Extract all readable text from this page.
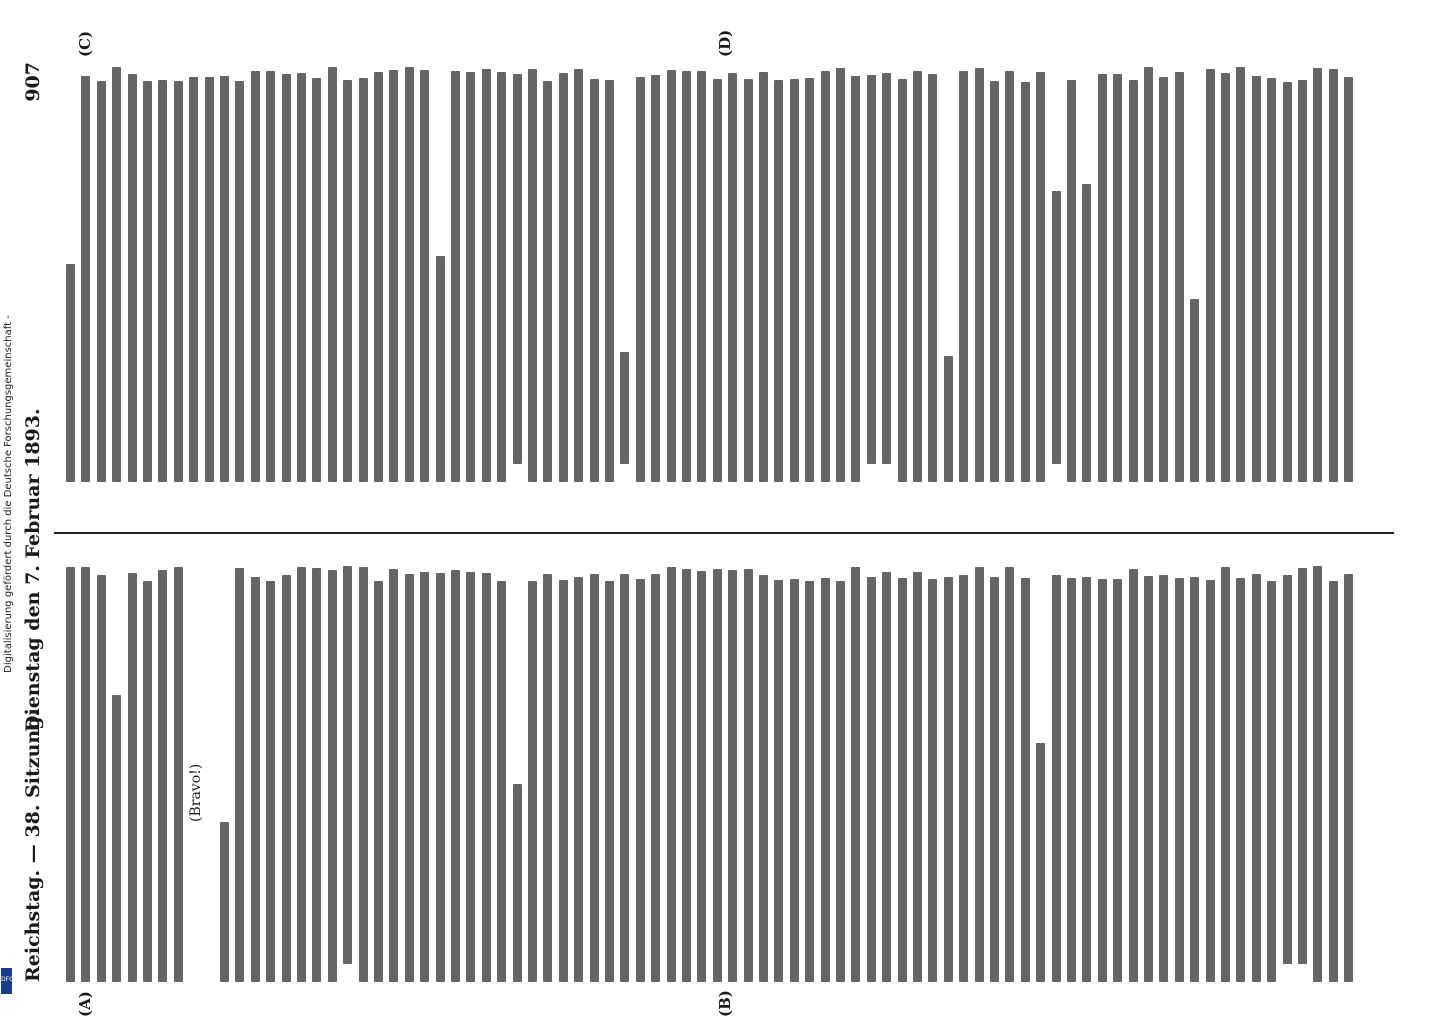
Digitalisierung gefördert durch die Deutsche Forschungsgemeinschaft -
DFG Reichstag. — 38. Sitzung.
Dienstag den 7. Februar 1893.
907
(Bravo!)
(A)	(B)
(C)	(D)
